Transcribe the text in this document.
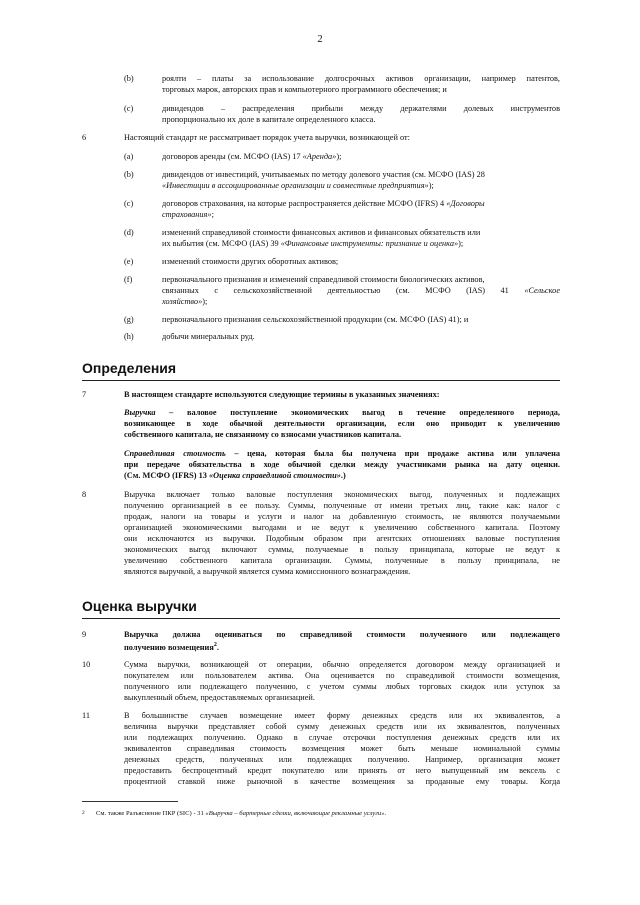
2
(b)	роялти – платы за использование долгосрочных активов организации, например патентов,
торговых марок, авторских прав и компьютерного программного обеспечения; и
(c)	дивидендов – распределения прибыли между держателями долевых инструментов
пропорционально их доле в капитале определенного класса.
6	Настоящий стандарт не рассматривает порядок учета выручки, возникающей от:
(a)	договоров аренды (см. МСФО (IAS) 17 «Аренда»);
(b)	дивидендов от инвестиций, учитываемых по методу долевого участия (см. МСФО (IAS) 28
«Инвестиции в ассоциированные организации и совместные предприятия»);
(c)	договоров страхования, на которые распространяется действие МСФО (IFRS) 4 «Договоры
страхования»;
(d)	изменений справедливой стоимости финансовых активов и финансовых обязательств или
их выбытия (см. МСФО (IAS) 39 «Финансовые инструменты: признание и оценка»);
(e)	изменений стоимости других оборотных активов;
(f)	первоначального признания и изменений справедливой стоимости биологических активов,
связанных с сельскохозяйственной деятельностью (см. МСФО (IAS) 41 «Сельское
хозяйство»);
(g)	первоначального признания сельскохозяйственной продукции (см. МСФО (IAS) 41); и
(h)	добычи минеральных руд.
Определения
7	В настоящем стандарте используются следующие термины в указанных значениях:
Выручка – валовое поступление экономических выгод в течение определенного периода,
возникающее в ходе обычной деятельности организации, если оно приводит к увеличению
собственного капитала, не связанному со взносами участников капитала.
Справедливая стоимость – цена, которая была бы получена при продаже актива или уплачена
при передаче обязательства в ходе обычной сделки между участниками рынка на дату оценки.
(См. МСФО (IFRS) 13 «Оценка справедливой стоимости».)
8	Выручка включает только валовые поступления экономических выгод, полученных и подлежащих
получению организацией в ее пользу. Суммы, полученные от имени третьих лиц, такие как: налог с
продаж, налоги на товары и услуги и налог на добавленную стоимость, не являются получаемыми
организацией экономическими выгодами и не ведут к увеличению собственного капитала. Поэтому
они исключаются из выручки. Подобным образом при агентских отношениях валовые поступления
экономических выгод включают суммы, получаемые в пользу принципала, которые не ведут к
увеличению собственного капитала организации. Суммы, полученные в пользу принципала, не
являются выручкой, а выручкой является сумма комиссионного вознаграждения.
Оценка выручки
9	Выручка должна оцениваться по справедливой стоимости полученного или подлежащего
получению возмещения$^2$.
10	Сумма выручки, возникающей от операции, обычно определяется договором между организацией и
покупателем или пользователем актива. Она оценивается по справедливой стоимости возмещения,
полученного или подлежащего получению, с учетом суммы любых торговых скидок или уступок за
выкупленный объем, предоставляемых организацией.
11	В большинстве случаев возмещение имеет форму денежных средств или их эквивалентов, а
величина выручки представляет собой сумму денежных средств или их эквивалентов, полученных
или подлежащих получению. Однако в случае отсрочки поступления денежных средств или их
эквивалентов справедливая стоимость возмещения может быть меньше номинальной суммы
денежных средств, полученных или подлежащих получению. Например, организация может
предоставить беспроцентный кредит покупателю или принять от него выпущенный им вексель с
процентной ставкой ниже рыночной в качестве возмещения за проданные ему товары. Когда
$^2$ См. также Разъяснение ПКР (SIC) - 31 «Выручка – бартерные сделки, включающие рекламные услуги».
